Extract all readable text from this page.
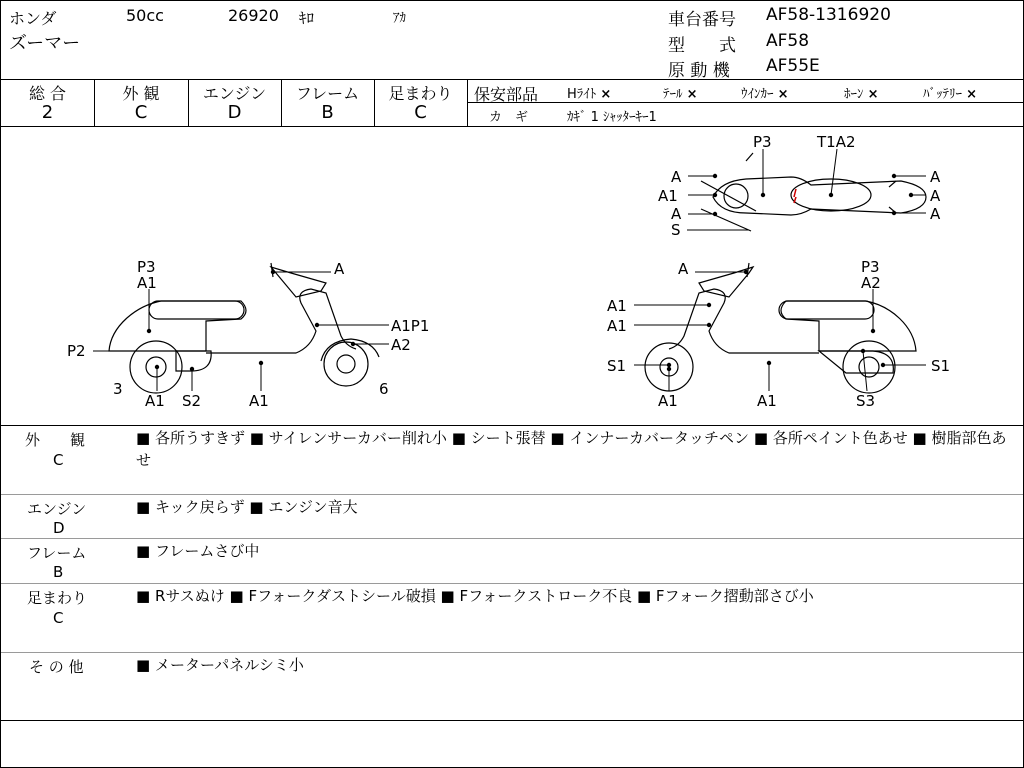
ホンダ
ズーマー
50cc	26920 ｷﾛ	ｱｶ	車台番号 AF58-1316920
型　　式 AF58
原 動 機 AF55E
総 合
2
外 観
C
エンジン
D
フレーム
B
足まわり
C
保安部品 Hﾗｲﾄ ×	ﾃｰﾙ ×	ｳｲﾝｶｰ ×	ﾎｰﾝ ×	ﾊﾞｯﾃﾘｰ ×
カ　ギ	ｶｷﾞ 1 ｼｬｯﾀｰｷｰ1
P3	T1A2
A
A1
A
S
A
A
A
P3
A1
A
A1P1
A2
P2
3	6
A1 S2	A1
A	P3
A2
A1
A1
S1	S1
A1	A1	S3
外　　観
C
■ 各所うすきず ■ サイレンサーカバー削れ小 ■ シート張替 ■ インナーカバータッチペン ■ 各所ペイント色あせ ■ 樹脂部色あせ
エンジン
D
■ キック戻らず ■ エンジン音大
フレーム
B
■ フレームさび中
足まわり
C
■ Rサスぬけ ■ Fフォークダストシール破損 ■ Fフォークストローク不良 ■ Fフォーク摺動部さび小
そ の 他	■ メーターパネルシミ小
